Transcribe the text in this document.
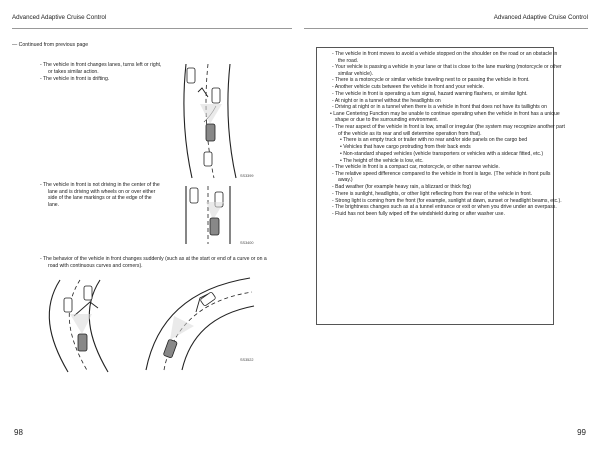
Advanced Adaptive Cruise Control
— Continued from previous page

- The vehicle in front changes lanes, turns left or right, or takes similar action.

- The vehicle in front is drifting.

SS3399

- The vehicle in front is not driving in the center of the lane and is driving with wheels on or over either side of the lane markings or at the edge of the lane.

SS3400

- The behavior of the vehicle in front changes suddenly (such as at the start or end of a curve or on a road with continuous curves and corners).

SS3522
98
Advanced Adaptive Cruise Control
99
- The vehicle in front moves to avoid a vehicle stopped on the shoulder on the road or an obstacle in the road.
- Your vehicle is passing a vehicle in your lane or that is close to the lane marking (motorcycle or other similar vehicle).
- There is a motorcycle or similar vehicle traveling next to or passing the vehicle in front.
- Another vehicle cuts between the vehicle in front and your vehicle.
- The vehicle in front is operating a turn signal, hazard warning flashers, or similar light.
- At night or in a tunnel without the headlights on
- Driving at night or in a tunnel when there is a vehicle in front that does not have its taillights on
• Lane Centering Function may be unable to continue operating when the vehicle in front has a unique shape or due to the surrounding environment.
- The rear aspect of the vehicle in front is low, small or irregular (the system may recognize another part of the vehicle as its rear and will determine operation from that).
• There is an empty truck or trailer with no rear and/or side panels on the cargo bed
• Vehicles that have cargo protruding from their back ends
• Non-standard shaped vehicles (vehicle transporters or vehicles with a sidecar fitted, etc.)
• The height of the vehicle is low, etc.
- The vehicle in front is a compact car, motorcycle, or other narrow vehicle.
- The relative speed difference compared to the vehicle in front is large. (The vehicle in front pulls away.)
- Bad weather (for example heavy rain, a blizzard or thick fog)
- There is sunlight, headlights, or other light reflecting from the rear of the vehicle in front.
- Strong light is coming from the front (for example, sunlight at dawn, sunset or headlight beams, etc.).
- The brightness changes such as at a tunnel entrance or exit or when you drive under an overpass.
- Fluid has not been fully wiped off the windshield during or after washer use.
